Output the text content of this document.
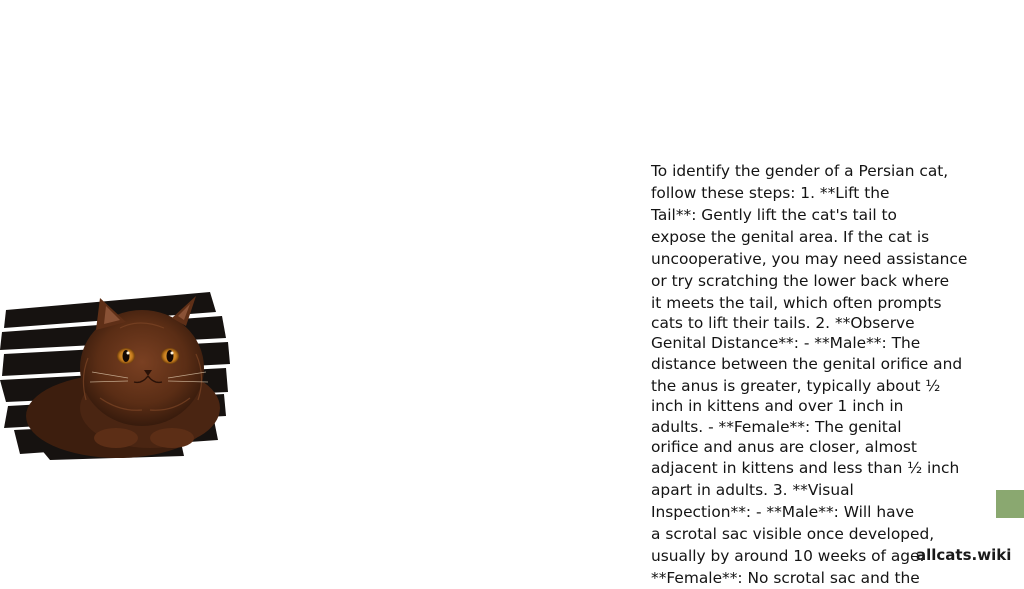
To identify the gender of a Persian cat,
follow these steps: 1. **Lift the
Tail**: Gently lift the cat's tail to
expose the genital area. If the cat is
uncooperative, you may need assistance
or try scratching the lower back where
it meets the tail, which often prompts
cats to lift their tails. 2. **Observe
Genital Distance**: - **Male**: The
distance between the genital orifice and
the anus is greater, typically about ½
inch in kittens and over 1 inch in
adults. - **Female**: The genital
orifice and anus are closer, almost
adjacent in kittens and less than ½ inch
apart in adults. 3. **Visual
Inspection**: - **Male**: Will have
a scrotal sac visible once developed,
usually by around 10 weeks of age.
**Female**: No scrotal sac and the
allcats.wiki
